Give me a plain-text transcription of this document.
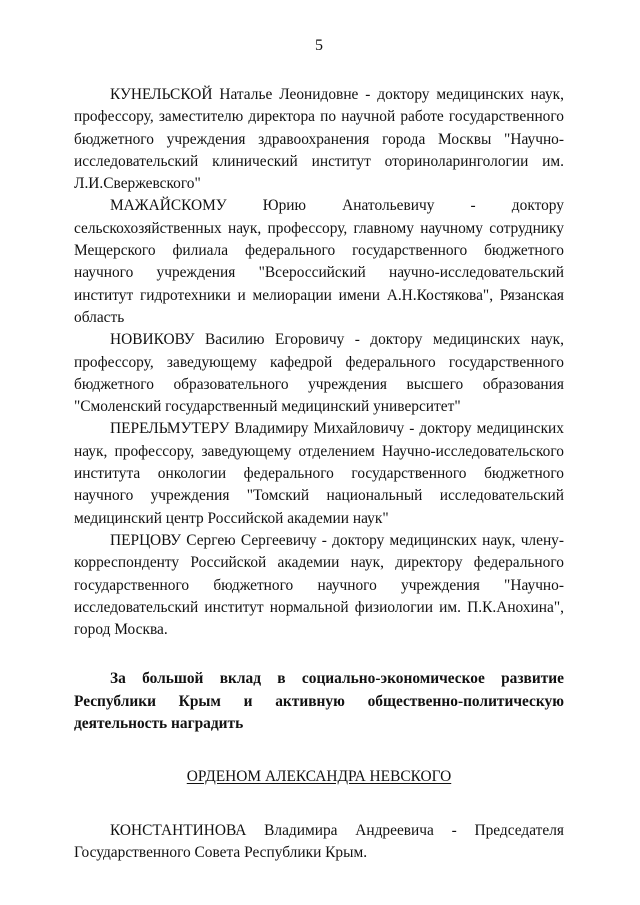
5

КУНЕЛЬСКОЙ Наталье Леонидовне - доктору медицинских наук, профессору, заместителю директора по научной работе государственного бюджетного учреждения здравоохранения города Москвы "Научно-исследовательский клинический институт оториноларингологии им. Л.И.Свержевского"

МАЖАЙСКОМУ Юрию Анатольевичу - доктору сельскохозяйственных наук, профессору, главному научному сотруднику Мещерского филиала федерального государственного бюджетного научного учреждения "Всероссийский научно-исследовательский институт гидротехники и мелиорации имени А.Н.Костякова", Рязанская область

НОВИКОВУ Василию Егоровичу - доктору медицинских наук, профессору, заведующему кафедрой федерального государственного бюджетного образовательного учреждения высшего образования "Смоленский государственный медицинский университет"

ПЕРЕЛЬМУТЕРУ Владимиру Михайловичу - доктору медицинских наук, профессору, заведующему отделением Научно-исследовательского института онкологии федерального государственного бюджетного научного учреждения "Томский национальный исследовательский медицинский центр Российской академии наук"

ПЕРЦОВУ Сергею Сергеевичу - доктору медицинских наук, члену-корреспонденту Российской академии наук, директору федерального государственного бюджетного научного учреждения "Научно-исследовательский институт нормальной физиологии им. П.К.Анохина", город Москва.

За большой вклад в социально-экономическое развитие Республики Крым и активную общественно-политическую деятельность наградить

ОРДЕНОМ АЛЕКСАНДРА НЕВСКОГО

КОНСТАНТИНОВА Владимира Андреевича - Председателя Государственного Совета Республики Крым.
